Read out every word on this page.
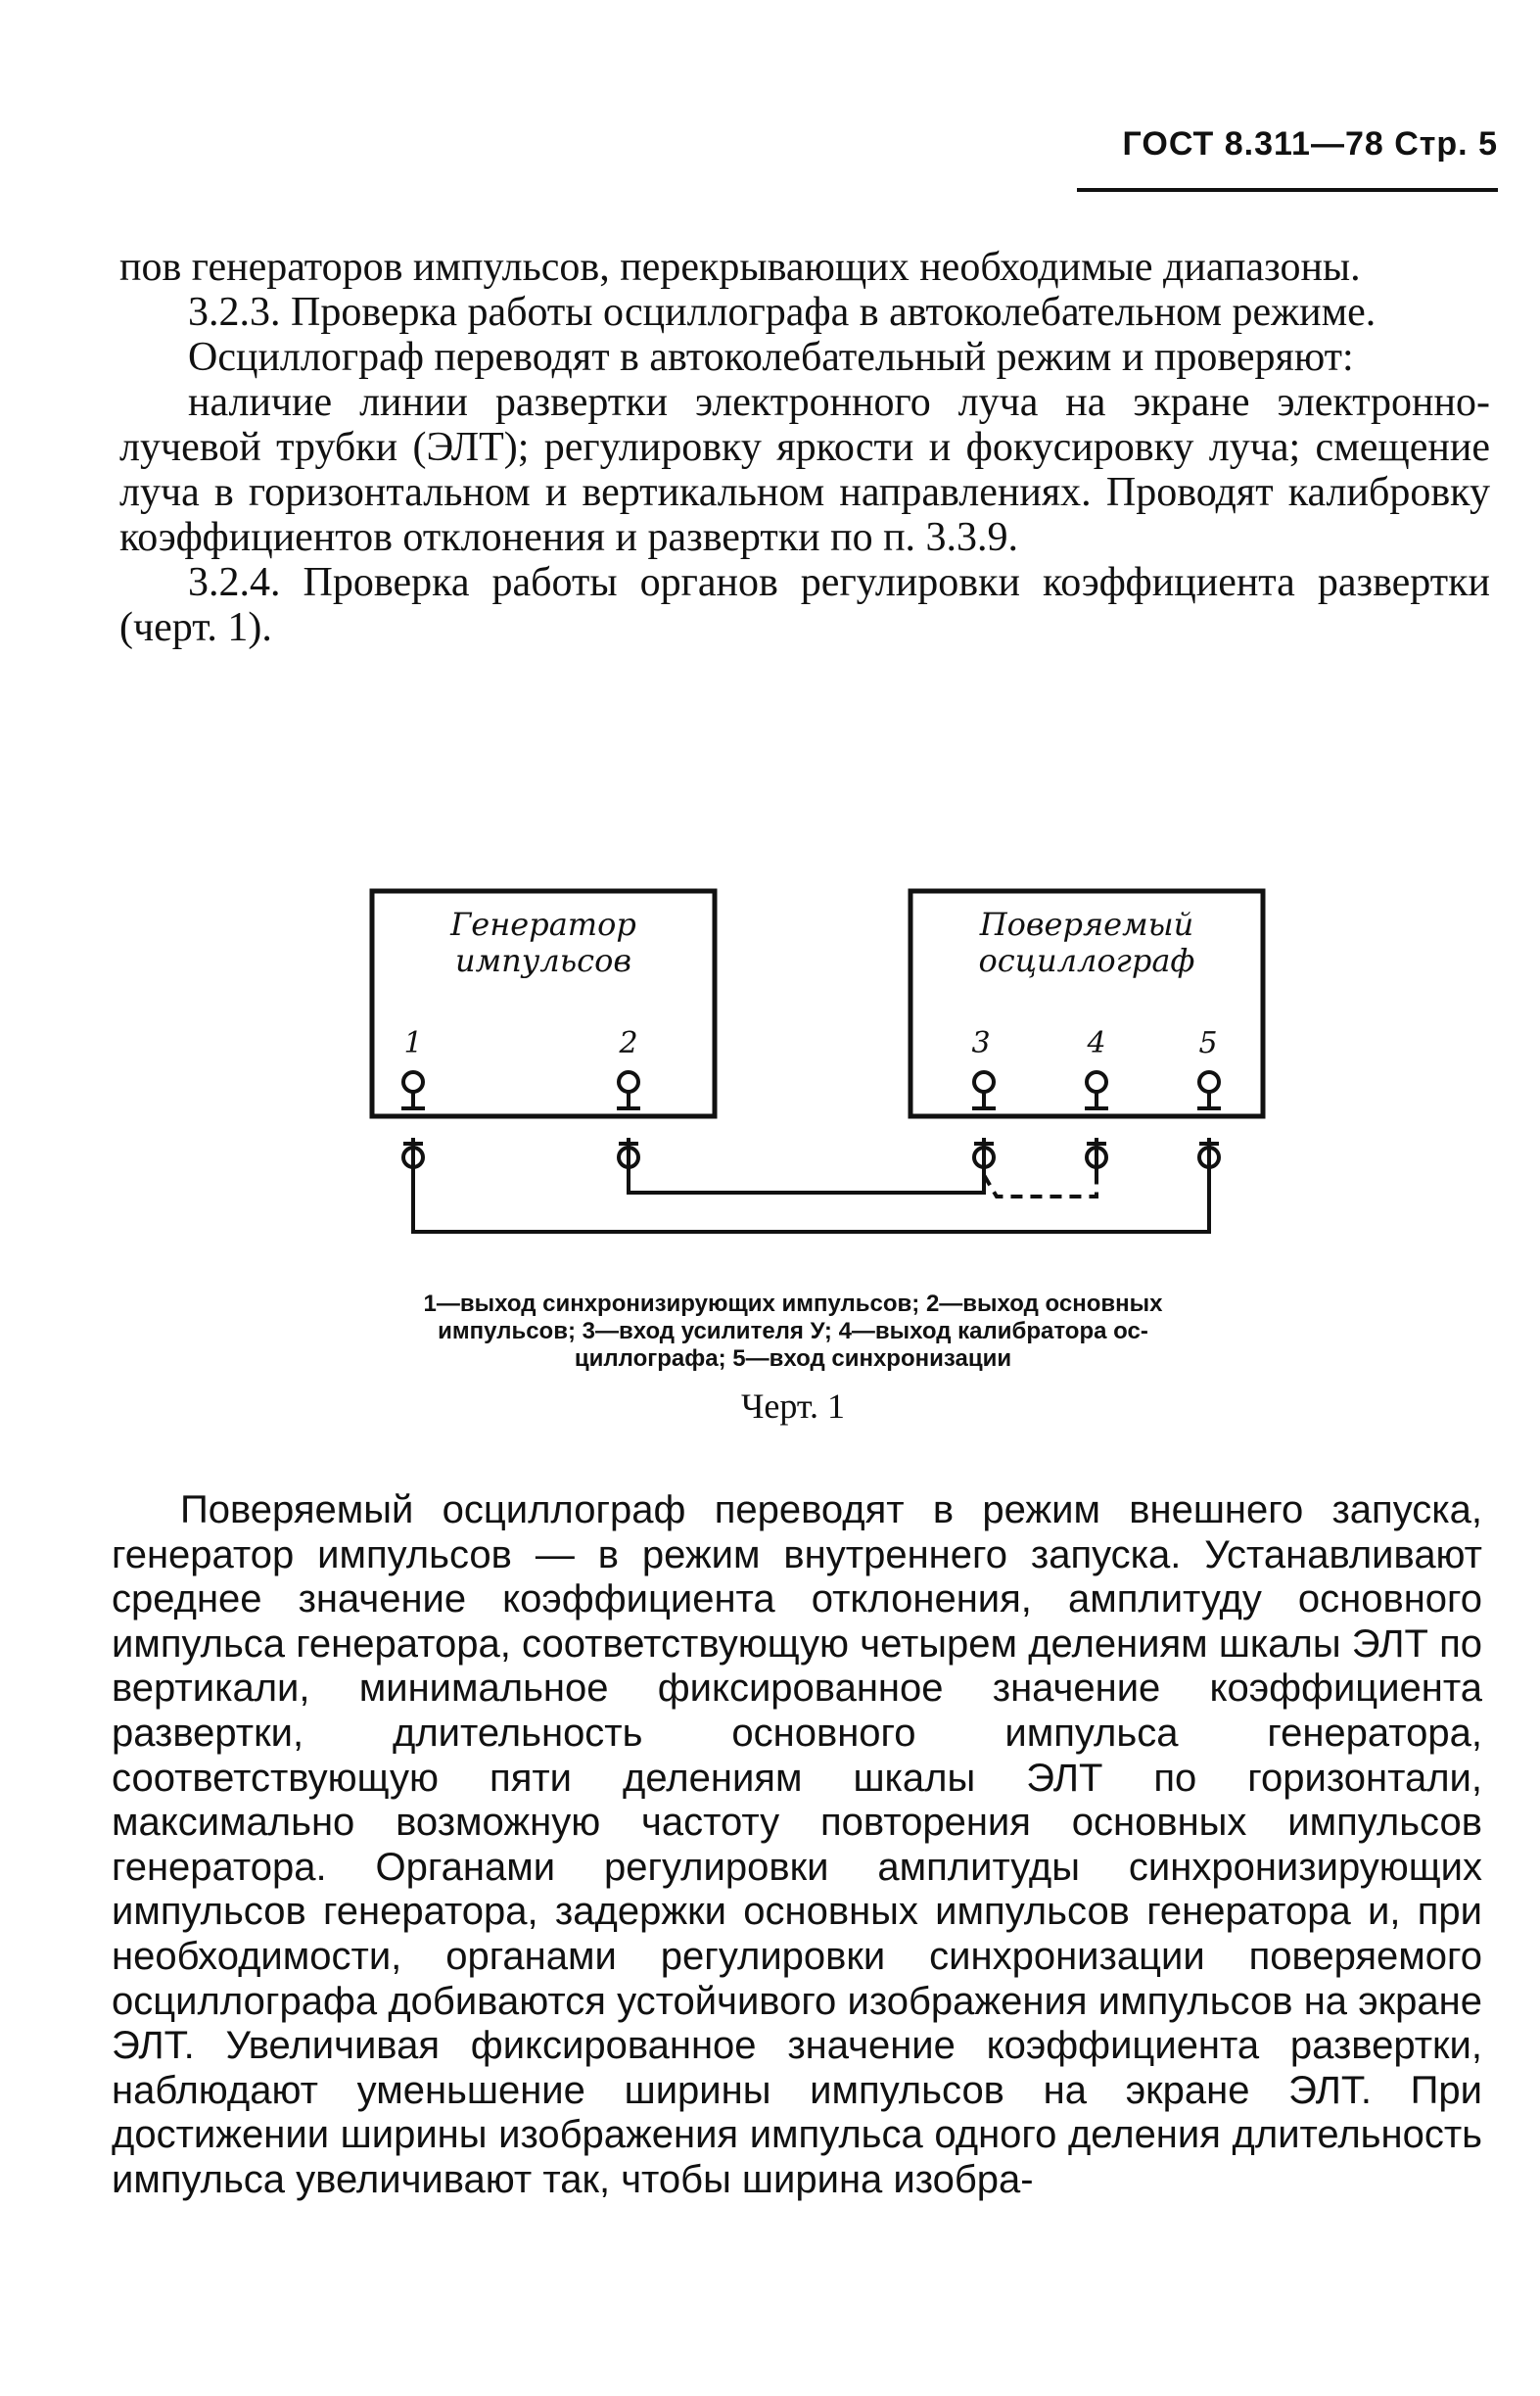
ГОСТ 8.311—78 Стр. 5

пов генераторов импульсов, перекрывающих необходимые диапазоны.

3.2.3. Проверка работы осциллографа в автоколебательном режиме.

Осциллограф переводят в автоколебательный режим и проверяют:

наличие линии развертки электронного луча на экране электронно-лучевой трубки (ЭЛТ); регулировку яркости и фокусировку луча; смещение луча в горизонтальном и вертикальном направлениях. Проводят калибровку коэффициентов отклонения и развертки по п. 3.3.9.

3.2.4. Проверка работы органов регулировки коэффициента развертки (черт. 1).

Генератор
импульсов
Поверяемый
осциллограф
1	2	3	4	5
1—выход синхронизирующих импульсов; 2—выход основных
импульсов; 3—вход усилителя У; 4—выход калибратора ос-
циллографа; 5—вход синхронизации
Черт. 1

Поверяемый осциллограф переводят в режим внешнего запуска, генератор импульсов — в режим внутреннего запуска. Устанавливают среднее значение коэффициента отклонения, амплитуду основного импульса генератора, соответствующую четырем делениям шкалы ЭЛТ по вертикали, минимальное фиксированное значение коэффициента развертки, длительность основного импульса генератора, соответствующую пяти делениям шкалы ЭЛТ по горизонтали, максимально возможную частоту повторения основных импульсов генератора. Органами регулировки амплитуды синхронизирующих импульсов генератора, задержки основных импульсов генератора и, при необходимости, органами регулировки синхронизации поверяемого осциллографа добиваются устойчивого изображения импульсов на экране ЭЛТ. Увеличивая фиксированное значение коэффициента развертки, наблюдают уменьшение ширины импульсов на экране ЭЛТ. При достижении ширины изображения импульса одного деления длительность импульса увеличивают так, чтобы ширина изобра-
